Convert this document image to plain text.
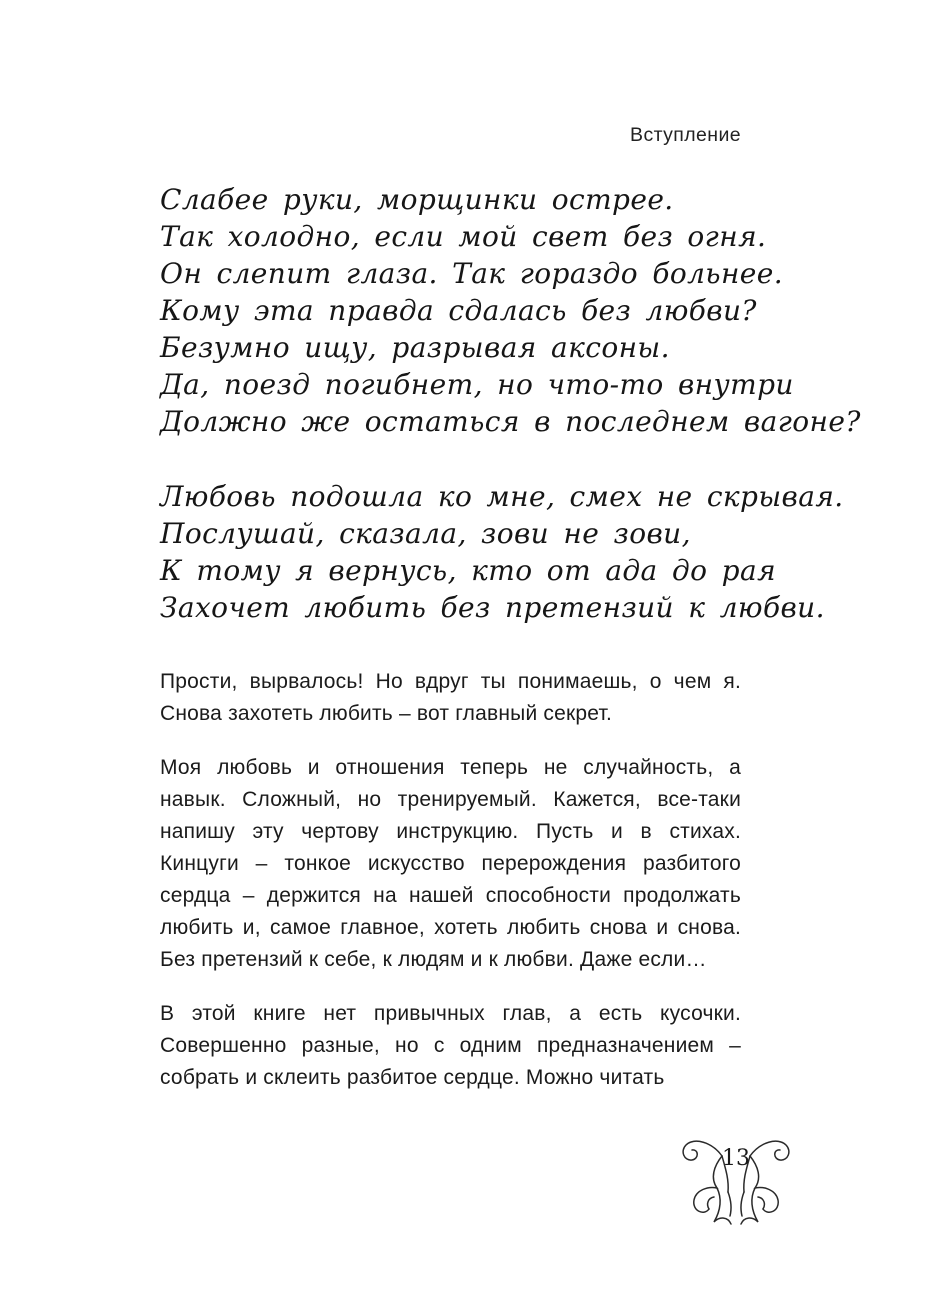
Вступление
Слабее руки, морщинки острее.
Так холодно, если мой свет без огня.
Он слепит глаза. Так гораздо больнее.
Кому эта правда сдалась без любви?
Безумно ищу, разрывая аксоны.
Да, поезд погибнет, но что-то внутри
Должно же остаться в последнем вагоне?
Любовь подошла ко мне, смех не скрывая.
Послушай, сказала, зови не зови,
К тому я вернусь, кто от ада до рая
Захочет любить без претензий к любви.

Прости, вырвалось! Но вдруг ты понимаешь, о чем я. Снова захотеть любить – вот главный секрет.

Моя любовь и отношения теперь не случайность, а навык. Сложный, но тренируемый. Кажется, все-таки напишу эту чертову инструкцию. Пусть и в стихах. Кинцуги – тонкое искусство перерождения разбитого сердца – держится на нашей способности продолжать любить и, самое главное, хотеть любить снова и снова. Без претензий к себе, к людям и к любви. Даже если…

В этой книге нет привычных глав, а есть кусочки. Совершенно разные, но с одним предназначением – собрать и склеить разбитое сердце. Можно читать

13
